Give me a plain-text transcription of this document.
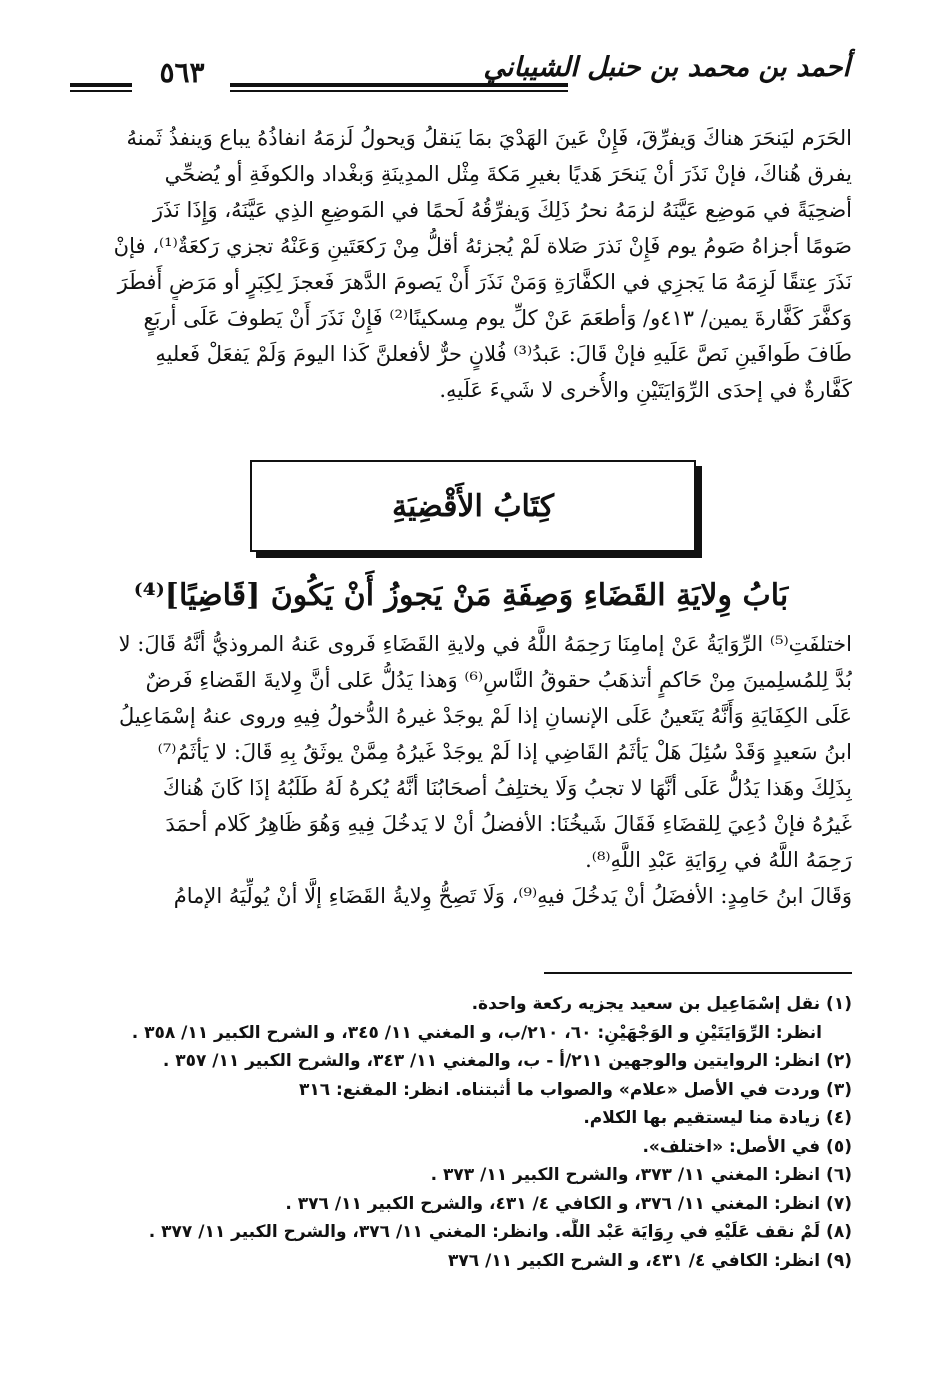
أحمد بن محمد بن حنبل الشيباني
٥٦٣
الحَرَم ليَنحَرَ هناكَ وَيفرِّقَ، فَإِنْ عَينَ الهَدْيَ بمَا يَنقلُ وَيحولُ لَزمَهُ انفاذُهُ يباع وَينفذُ ثَمنهُ
يفرق هُناكَ، فإنْ نَذَرَ أنْ يَنحَرَ هَديًا بغيرِ مَكةَ مِثْل المدِينَةِ وَبغْداد والكوفَةِ أو يُضحِّي
أضحِيَةً في مَوضِع عَيَّنَهُ لزمَهُ نحرُ ذَلِكَ وَيفرِّقُهُ لَحمًا في المَوضِعِ الذِي عَيَّنَهُ، وَإِذَا نَذَرَ
صَومًا أجزاهُ صَومُ يوم فَإِنْ نَذرَ صَلاة لَمْ يُجزئهُ أقلُّ مِنْ رَكعَتَينِ وَعَنْهُ تجزي رَكعَةٌ⁽¹⁾، فإنْ
نَذَرَ عِتقًا لَزِمَهُ مَا يَجزِي في الكفَّارَةِ وَمَنْ نَذَرَ أَنْ يَصومَ الدَّهرَ فَعجزَ لِكِبَرٍ أو مَرَضٍ أَفطَرَ
وَكفَّرَ كَفَّارةَ يمين/ ٤١٣و/ وَأطعَمَ عَنْ كلِّ يوم مِسكينًا⁽²⁾ فَإِنْ نَذَرَ أَنْ يَطوفَ عَلَى أربَعٍ
طَافَ طَوافَينِ نَصَّ عَلَيهِ فإنْ قَالَ: عَبدُ⁽³⁾ فُلانٍ حرٌّ لأفعلنَّ كَذا اليومَ وَلَمْ يَفعَلْ فَعليهِ
كَفَّارةٌ في إحدَى الرِّوَايَتَيْنِ والأُخرى لا شَيءَ عَلَيهِ.
كِتَابُ الأَقْضِيَةِ
بَابُ وِلايَةِ القَضَاءِ وَصِفَةِ مَنْ يَجوزُ أَنْ يَكُونَ [قَاضِيًا]⁽⁴⁾
اختلفَتِ⁽⁵⁾ الرِّوَايَةُ عَنْ إمامِنَا رَحِمَهُ اللَّهُ في ولايةِ القَضَاءِ فَروى عَنهُ المروذيُّ أنَّهُ قَالَ: لا
بُدَّ لِلمُسلِمينَ مِنْ حَاكمٍ أتذهَبُ حقوقُ النَّاسِ⁽⁶⁾ وَهذا يَدُلُّ عَلى أنَّ وِلايةَ القَضاءِ فَرضٌ
عَلَى الكِفَايَةِ وَأَنَّهُ يَتَعينُ عَلَى الإنسانِ إذا لَمْ يوجَدْ غيرهُ الدُّخولُ فِيهِ وروى عنهُ إسْمَاعِيلُ
ابنُ سَعيدٍ وَقَدْ سُئِلَ هَلْ يَأثَمُ القَاضِي إذا لَمْ يوجَدْ غَيرُهُ مِمَّنْ يوثَقُ بِهِ قَالَ: لا يَأثَمُ⁽⁷⁾
بِذَلِكَ وهَذا يَدُلُّ عَلَى أنَّهَا لا تجبُ وَلَا يختلِفُ أصحَابُنَا أنَّهُ يُكرهُ لَهُ طَلَبُهُ إذَا كَانَ هُناكَ
غَيرُهُ فإنْ دُعِيَ لِلقضَاءِ فَقَالَ شَيخُنَا: الأفضلُ أنْ لا يَدخُلَ فِيهِ وَهُوَ ظَاهِرُ كَلام أحمَدَ
رَحِمَهُ اللَّهُ في رِوَايَةِ عَبْدِ اللَّهِ⁽⁸⁾.
وَقَالَ ابنُ حَامِدٍ: الأفضَلُ أنْ يَدخُلَ فيهِ⁽⁹⁾، وَلَا تَصِحُّ وِلايةُ القَضَاءِ إلَّا أنْ يُولِّيَهُ الإمامُ
(١) نقل إسْمَاعِيل بن سعيد يجزيه ركعة واحدة.
انظر: الرِّوَايَتَيْنِ و الوَجْهَيْنِ: ٦٠، ٢١٠/ب، و المغني ١١/ ٣٤٥، و الشرح الكبير ١١/ ٣٥٨ .
(٢) انظر: الروايتين والوجهين ٢١١/أ - ب، والمغني ١١/ ٣٤٣، والشرح الكبير ١١/ ٣٥٧ .
(٣) وردت في الأصل «علام» والصواب ما أثبتناه. انظر: المقنع: ٣١٦
(٤) زيادة منا ليستقيم بها الكلام.
(٥) في الأصل: «اختلف».
(٦) انظر: المغني ١١/ ٣٧٣، والشرح الكبير ١١/ ٣٧٣ .
(٧) انظر: المغني ١١/ ٣٧٦، و الكافي ٤/ ٤٣١، والشرح الكبير ١١/ ٣٧٦ .
(٨) لَمْ نقف عَلَيْهِ في رِوَايَة عَبْد اللَّه. وانظر: المغني ١١/ ٣٧٦، والشرح الكبير ١١/ ٣٧٧ .
(٩) انظر: الكافي ٤/ ٤٣١، و الشرح الكبير ١١/ ٣٧٦
